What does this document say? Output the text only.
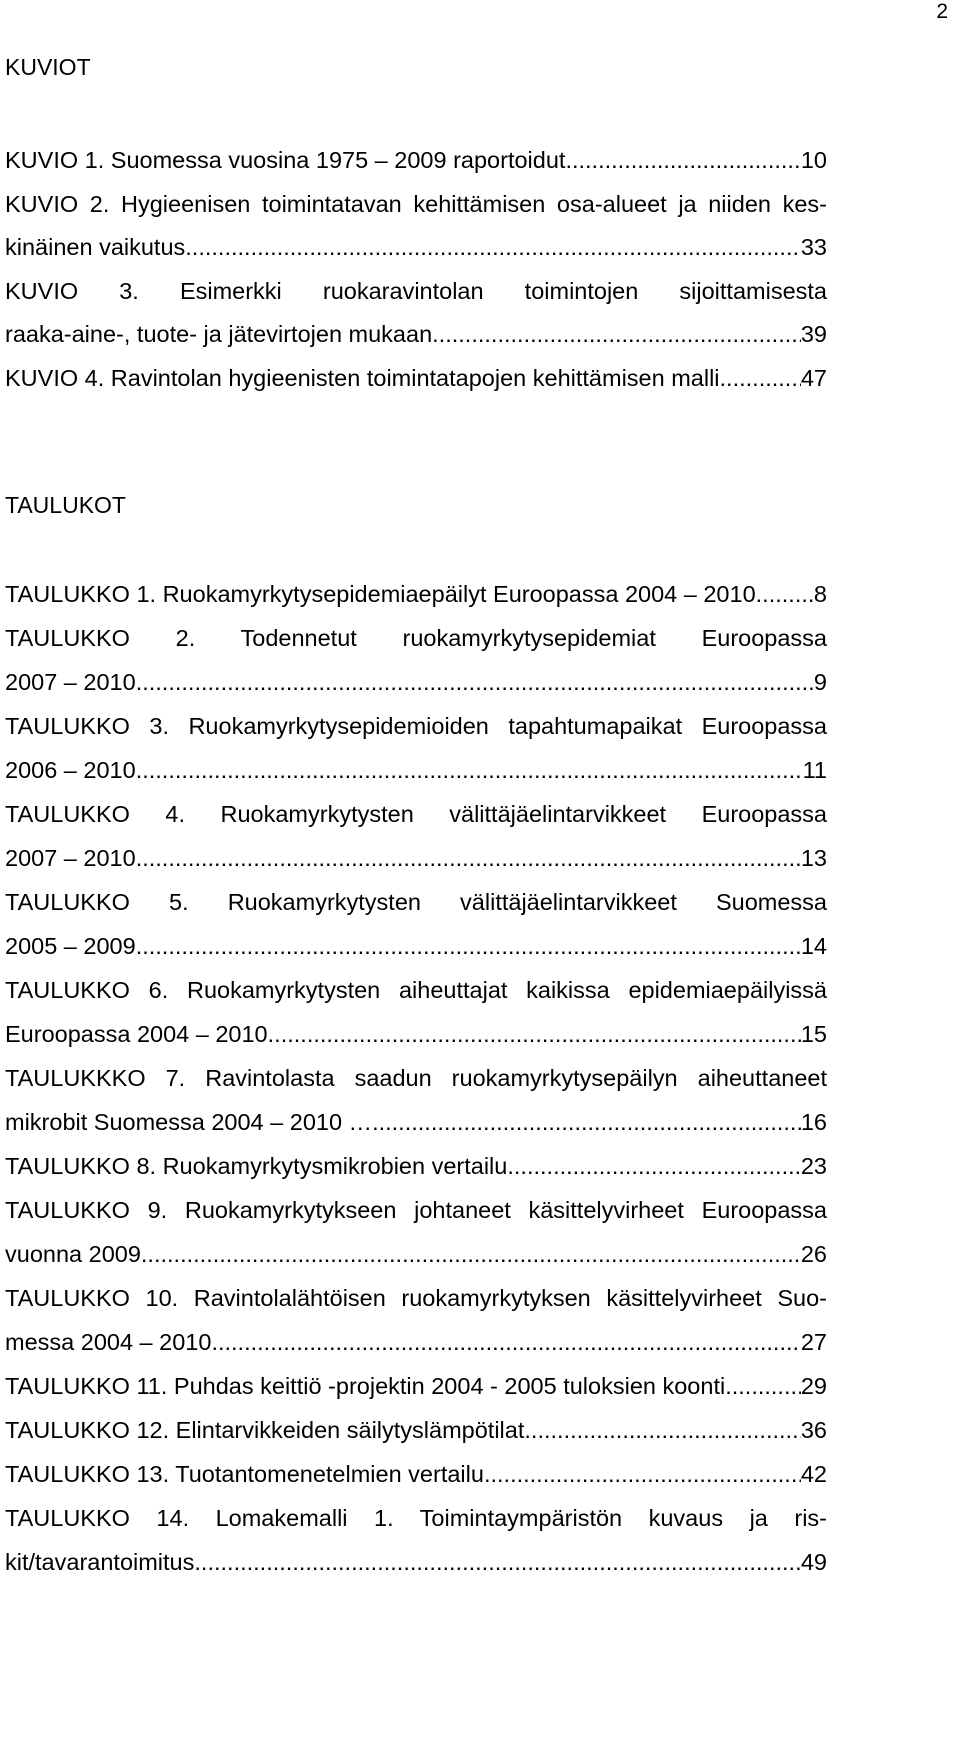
2
KUVIOT
KUVIO 1. Suomessa vuosina 1975 – 2009 raportoidut .....	10
KUVIO 2. Hygieenisen toimintatavan kehittämisen osa-alueet ja niiden kes-
kinäinen vaikutus .....	33
KUVIO 3. Esimerkki ruokaravintolan toimintojen sijoittamisesta
raaka-aine-, tuote- ja jätevirtojen mukaan .....	39
KUVIO 4. Ravintolan hygieenisten toimintatapojen kehittämisen malli .....	47
TAULUKOT
TAULUKKO 1. Ruokamyrkytysepidemiaepäilyt Euroopassa 2004 – 2010 ..... 8
TAULUKKO 2. Todennetut ruokamyrkytysepidemiat Euroopassa
2007 – 2010 .....	9
TAULUKKO 3. Ruokamyrkytysepidemioiden tapahtumapaikat Euroopassa
2006 – 2010 .....	11
TAULUKKO 4. Ruokamyrkytysten välittäjäelintarvikkeet Euroopassa
2007 – 2010 .....	13
TAULUKKO 5. Ruokamyrkytysten välittäjäelintarvikkeet Suomessa
2005 – 2009 .....	14
TAULUKKO 6. Ruokamyrkytysten aiheuttajat kaikissa epidemiaepäilyissä
Euroopassa 2004 – 2010 .....	15
TAULUKKKO 7. Ravintolasta saadun ruokamyrkytysepäilyn aiheuttaneet
mikrobit Suomessa 2004 – 2010 … .....	16
TAULUKKO 8. Ruokamyrkytysmikrobien vertailu .....	23
TAULUKKO 9. Ruokamyrkytykseen johtaneet käsittelyvirheet Euroopassa
vuonna 2009 .....	26
TAULUKKO 10. Ravintolalähtöisen ruokamyrkytyksen käsittelyvirheet Suo-
messa 2004 – 2010 .....	27
TAULUKKO 11. Puhdas keittiö -projektin 2004 - 2005 tuloksien koonti .....	29
TAULUKKO 12. Elintarvikkeiden säilytyslämpötilat .....	36
TAULUKKO 13. Tuotantomenetelmien vertailu .....	42
TAULUKKO 14. Lomakemalli 1. Toimintaympäristön kuvaus ja ris-
kit/tavarantoimitus .....	49
